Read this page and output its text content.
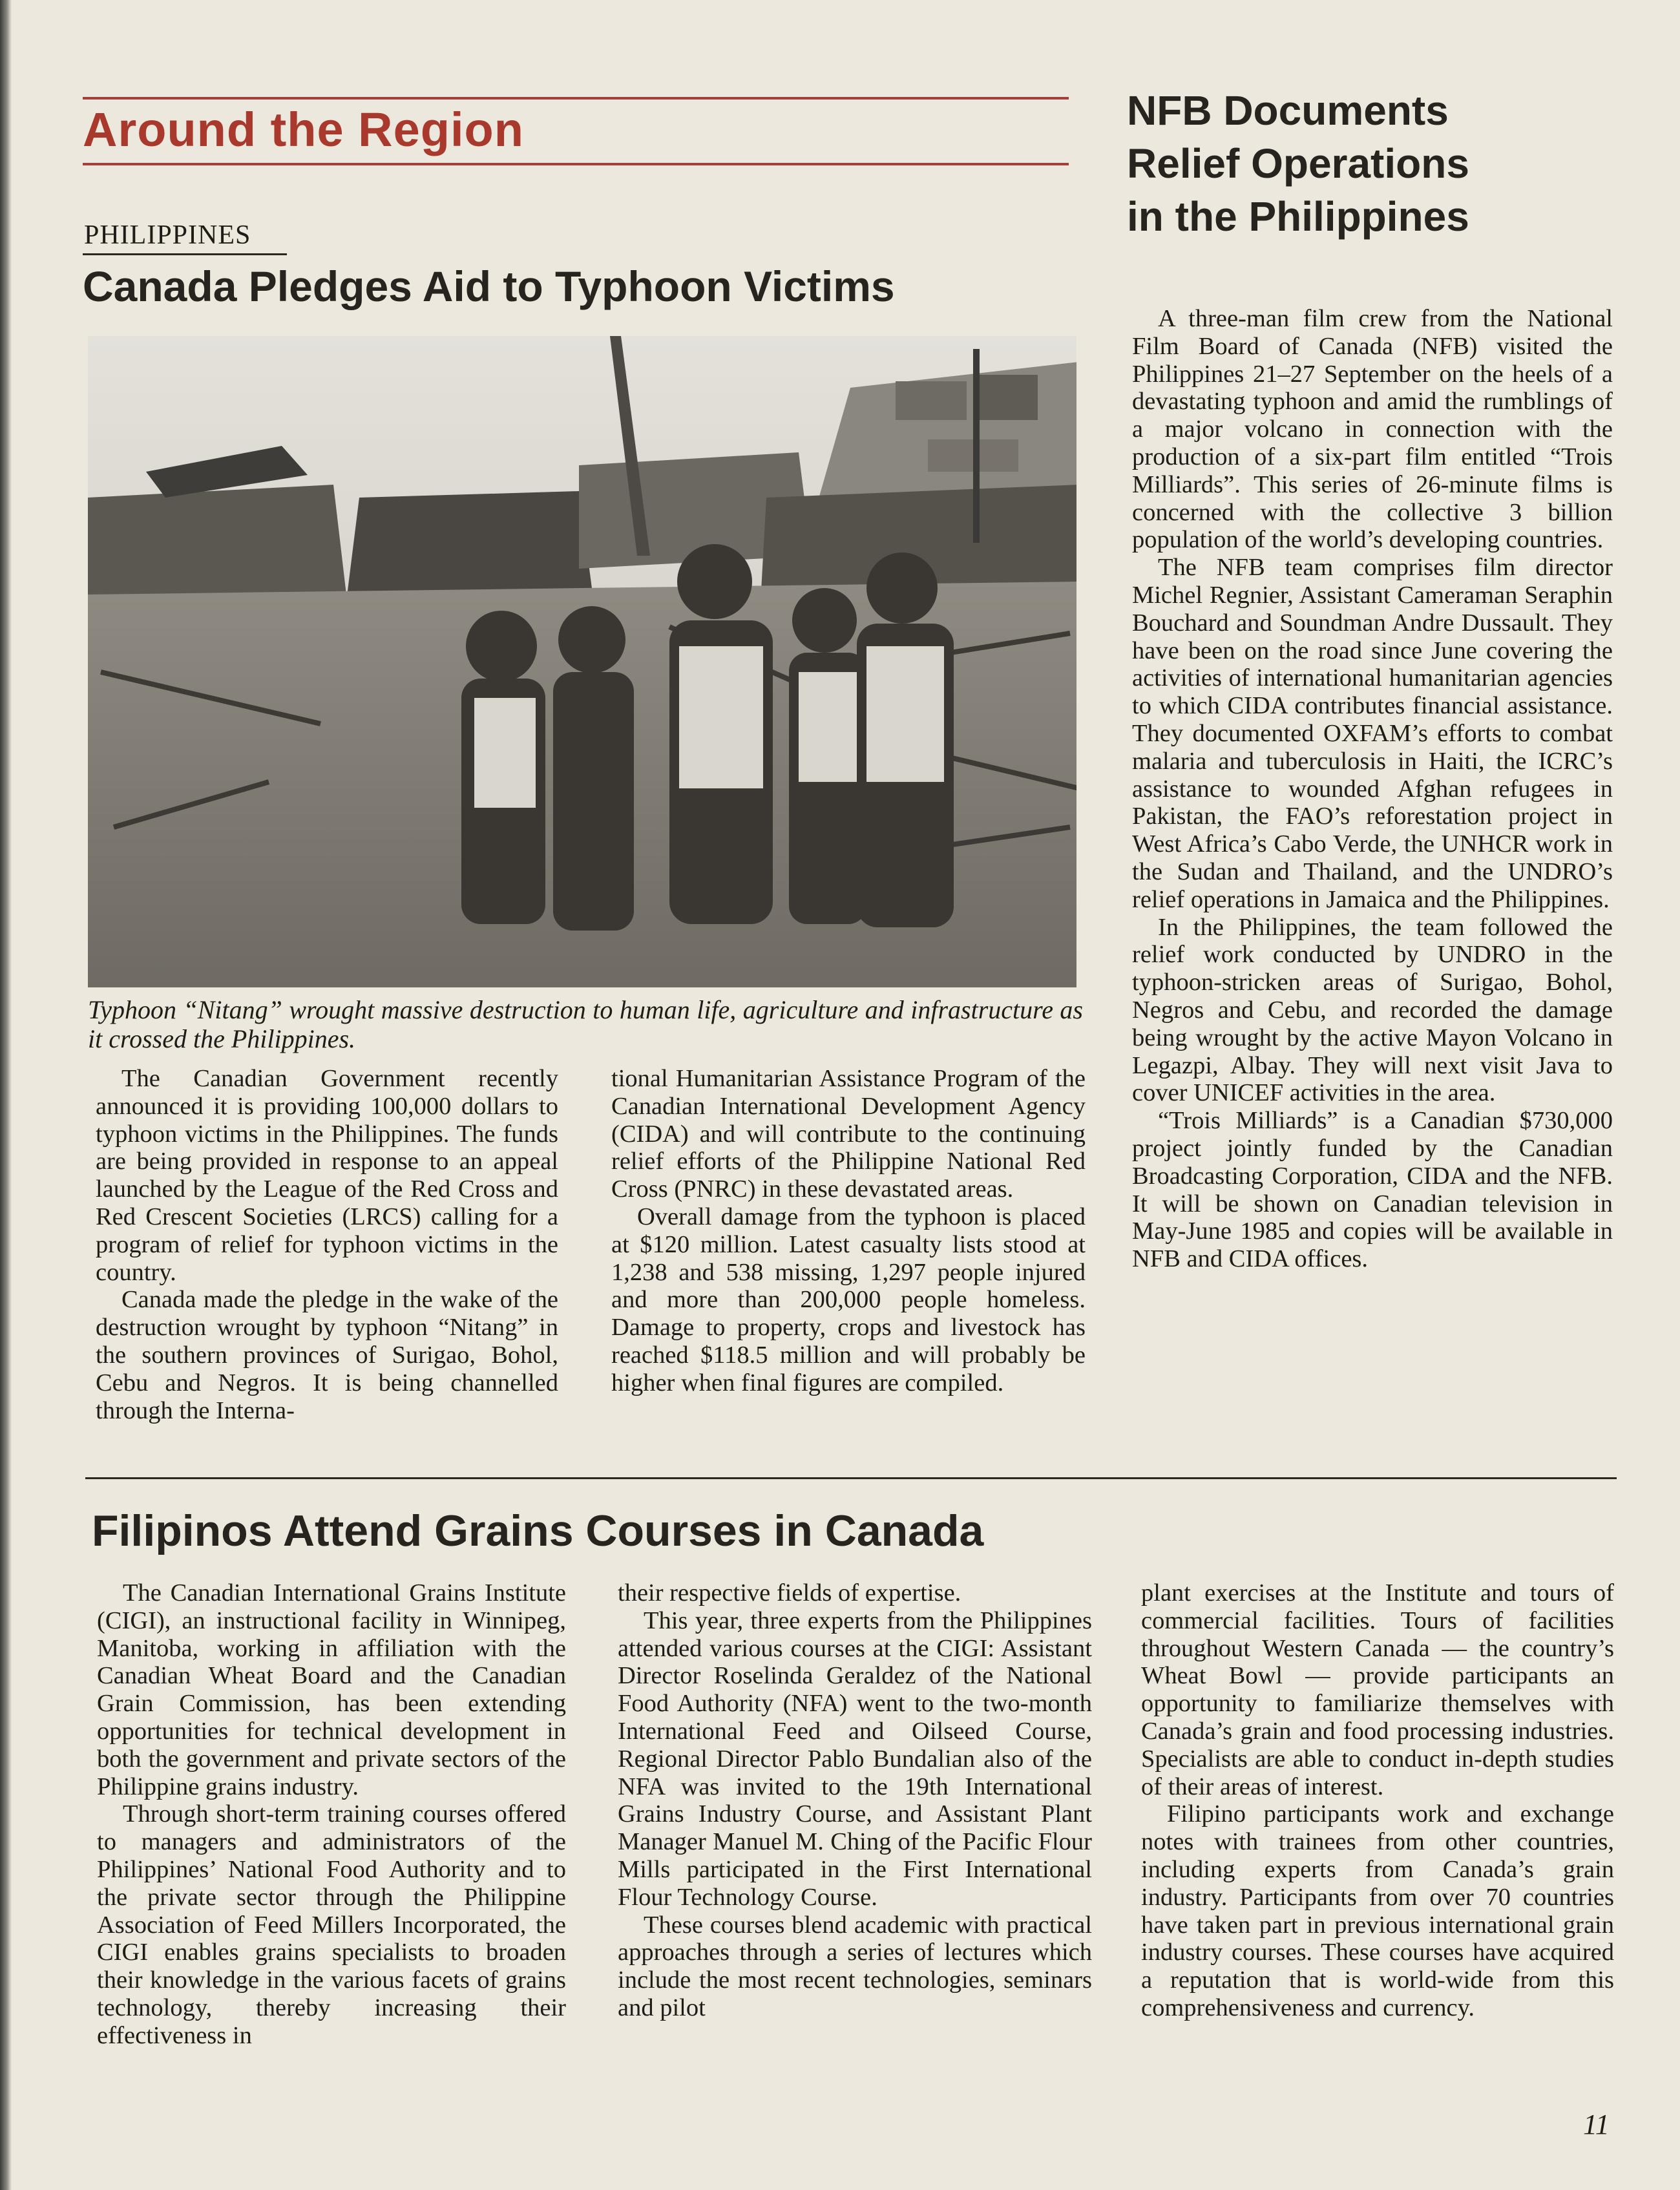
Around the Region
PHILIPPINES
Canada Pledges Aid to Typhoon Victims
Typhoon “Nitang” wrought massive destruction to human life, agriculture and infrastructure as it crossed the Philippines.

The Canadian Government recently announced it is providing 100,000 dollars to typhoon victims in the Philippines. The funds are being provided in response to an appeal launched by the League of the Red Cross and Red Crescent Societies (LRCS) calling for a program of relief for typhoon victims in the country.

Canada made the pledge in the wake of the destruction wrought by typhoon “Nitang” in the southern provinces of Surigao, Bohol, Cebu and Negros. It is being channelled through the Interna-

tional Humanitarian Assistance Program of the Canadian International Development Agency (CIDA) and will contribute to the continuing relief efforts of the Philippine National Red Cross (PNRC) in these devastated areas.

Overall damage from the typhoon is placed at $120 million. Latest casualty lists stood at 1,238 and 538 missing, 1,297 people injured and more than 200,000 people homeless. Damage to property, crops and livestock has reached $118.5 million and will probably be higher when final figures are compiled.

NFB Documents
Relief Operations
in the Philippines

A three-man film crew from the National Film Board of Canada (NFB) visited the Philippines 21–27 September on the heels of a devastating typhoon and amid the rumblings of a major volcano in connection with the production of a six-part film entitled “Trois Milliards”. This series of 26-minute films is concerned with the collective 3 billion population of the world’s developing countries.

The NFB team comprises film director Michel Regnier, Assistant Cameraman Seraphin Bouchard and Soundman Andre Dussault. They have been on the road since June covering the activities of international humanitarian agencies to which CIDA contributes financial assistance. They documented OXFAM’s efforts to combat malaria and tuberculosis in Haiti, the ICRC’s assistance to wounded Afghan refugees in Pakistan, the FAO’s reforestation project in West Africa’s Cabo Verde, the UNHCR work in the Sudan and Thailand, and the UNDRO’s relief operations in Jamaica and the Philippines.

In the Philippines, the team followed the relief work conducted by UNDRO in the typhoon-stricken areas of Surigao, Bohol, Negros and Cebu, and recorded the damage being wrought by the active Mayon Volcano in Legazpi, Albay. They will next visit Java to cover UNICEF activities in the area.

“Trois Milliards” is a Canadian $730,000 project jointly funded by the Canadian Broadcasting Corporation, CIDA and the NFB. It will be shown on Canadian television in May-June 1985 and copies will be available in NFB and CIDA offices.

Filipinos Attend Grains Courses in Canada

The Canadian International Grains Institute (CIGI), an instructional facility in Winnipeg, Manitoba, working in affiliation with the Canadian Wheat Board and the Canadian Grain Commission, has been extending opportunities for technical development in both the government and private sectors of the Philippine grains industry.

Through short-term training courses offered to managers and administrators of the Philippines’ National Food Authority and to the private sector through the Philippine Association of Feed Millers Incorporated, the CIGI enables grains specialists to broaden their knowledge in the various facets of grains technology, thereby increasing their effectiveness in

their respective fields of expertise.

This year, three experts from the Philippines attended various courses at the CIGI: Assistant Director Roselinda Geraldez of the National Food Authority (NFA) went to the two-month International Feed and Oilseed Course, Regional Director Pablo Bundalian also of the NFA was invited to the 19th International Grains Industry Course, and Assistant Plant Manager Manuel M. Ching of the Pacific Flour Mills participated in the First International Flour Technology Course.

These courses blend academic with practical approaches through a series of lectures which include the most recent technologies, seminars and pilot

plant exercises at the Institute and tours of commercial facilities. Tours of facilities throughout Western Canada — the country’s Wheat Bowl — provide participants an opportunity to familiarize themselves with Canada’s grain and food processing industries. Specialists are able to conduct in-depth studies of their areas of interest.

Filipino participants work and exchange notes with trainees from other countries, including experts from Canada’s grain industry. Participants from over 70 countries have taken part in previous international grain industry courses. These courses have acquired a reputation that is world-wide from this comprehensiveness and currency.

11
